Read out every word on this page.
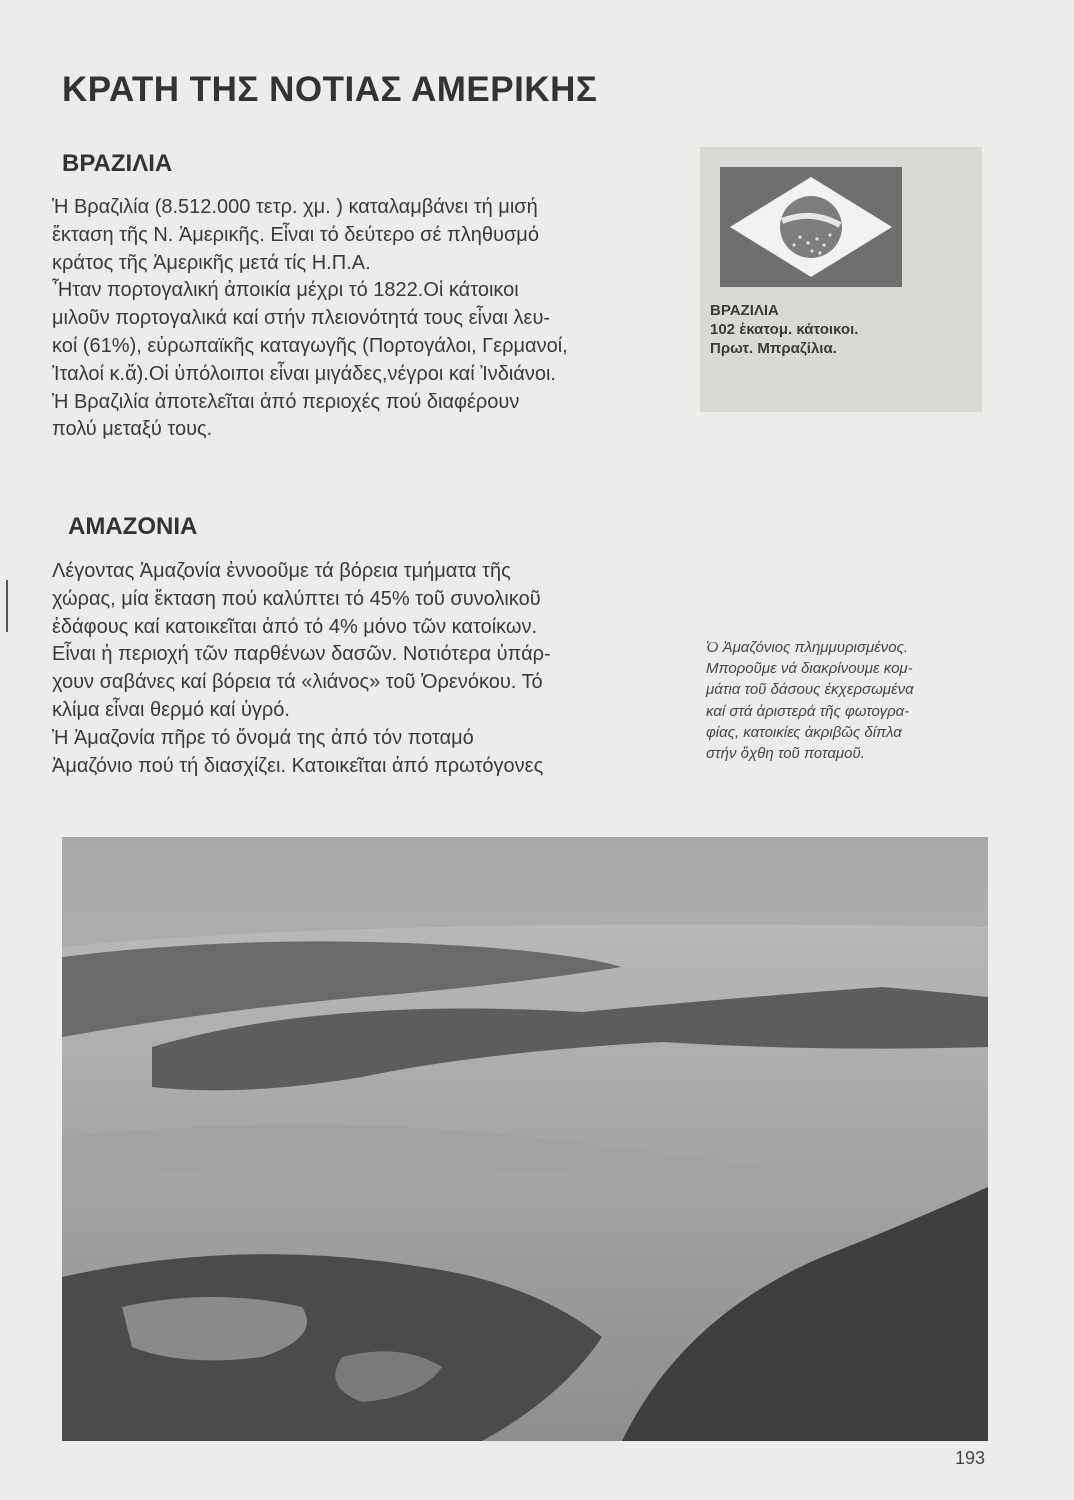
ΚΡΑΤΗ ΤΗΣ ΝΟΤΙΑΣ ΑΜΕΡΙΚΗΣ
ΒΡΑΖΙΛΙΑ
Ἡ Βραζιλία (8.512.000 τετρ. χμ. ) καταλαμβάνει τή μισή
ἔκταση τῆς Ν. Ἀμερικῆς. Εἶναι τό δεύτερο σέ πληθυσμό
κράτος τῆς Ἀμερικῆς μετά τίς Η.Π.Α.
Ἦταν πορτογαλική ἀποικία μέχρι τό 1822.Οἱ κάτοικοι
μιλοῦν πορτογαλικά καί στήν πλειονότητά τους εἶναι λευ-
κοί (61%), εὐρωπαϊκῆς καταγωγῆς (Πορτογάλοι, Γερμανοί,
Ἰταλοί κ.ἄ).Οἱ ὑπόλοιποι εἶναι μιγάδες,νέγροι καί Ἰνδιάνοι.
Ἡ Βραζιλία ἀποτελεῖται ἀπό περιοχές πού διαφέρουν
πολύ μεταξύ τους.
ΒΡΑΖΙΛΙΑ
102 ἑκατομ. κάτοικοι.
Πρωτ. Μπραζίλια.
ΑΜΑΖΟΝΙΑ
Λέγοντας Ἀμαζονία ἐννοοῦμε τά βόρεια τμήματα τῆς
χώρας, μία ἔκταση πού καλύπτει τό 45% τοῦ συνολικοῦ
ἐδάφους καί κατοικεῖται ἀπό τό 4% μόνο τῶν κατοίκων.
Εἶναι ἡ περιοχή τῶν παρθένων δασῶν. Νοτιότερα ὑπάρ-
χουν σαβάνες καί βόρεια τά «λιάνος» τοῦ Ὀρενόκου. Τό
κλίμα εἶναι θερμό καί ὑγρό.
Ἡ Ἀμαζονία πῆρε τό ὄνομά της ἀπό τόν ποταμό
Ἀμαζόνιο πού τή διασχίζει. Κατοικεῖται ἀπό πρωτόγονες
Ὁ Ἀμαζόνιος πλημμυρισμένος.
Μποροῦμε νά διακρίνουμε κομ-
μάτια τοῦ δάσους ἐκχερσωμένα
καί στά ἀριστερά τῆς φωτογρα-
φίας, κατοικίες ἀκριβῶς δίπλα
στήν ὄχθη τοῦ ποταμοῦ.
193
